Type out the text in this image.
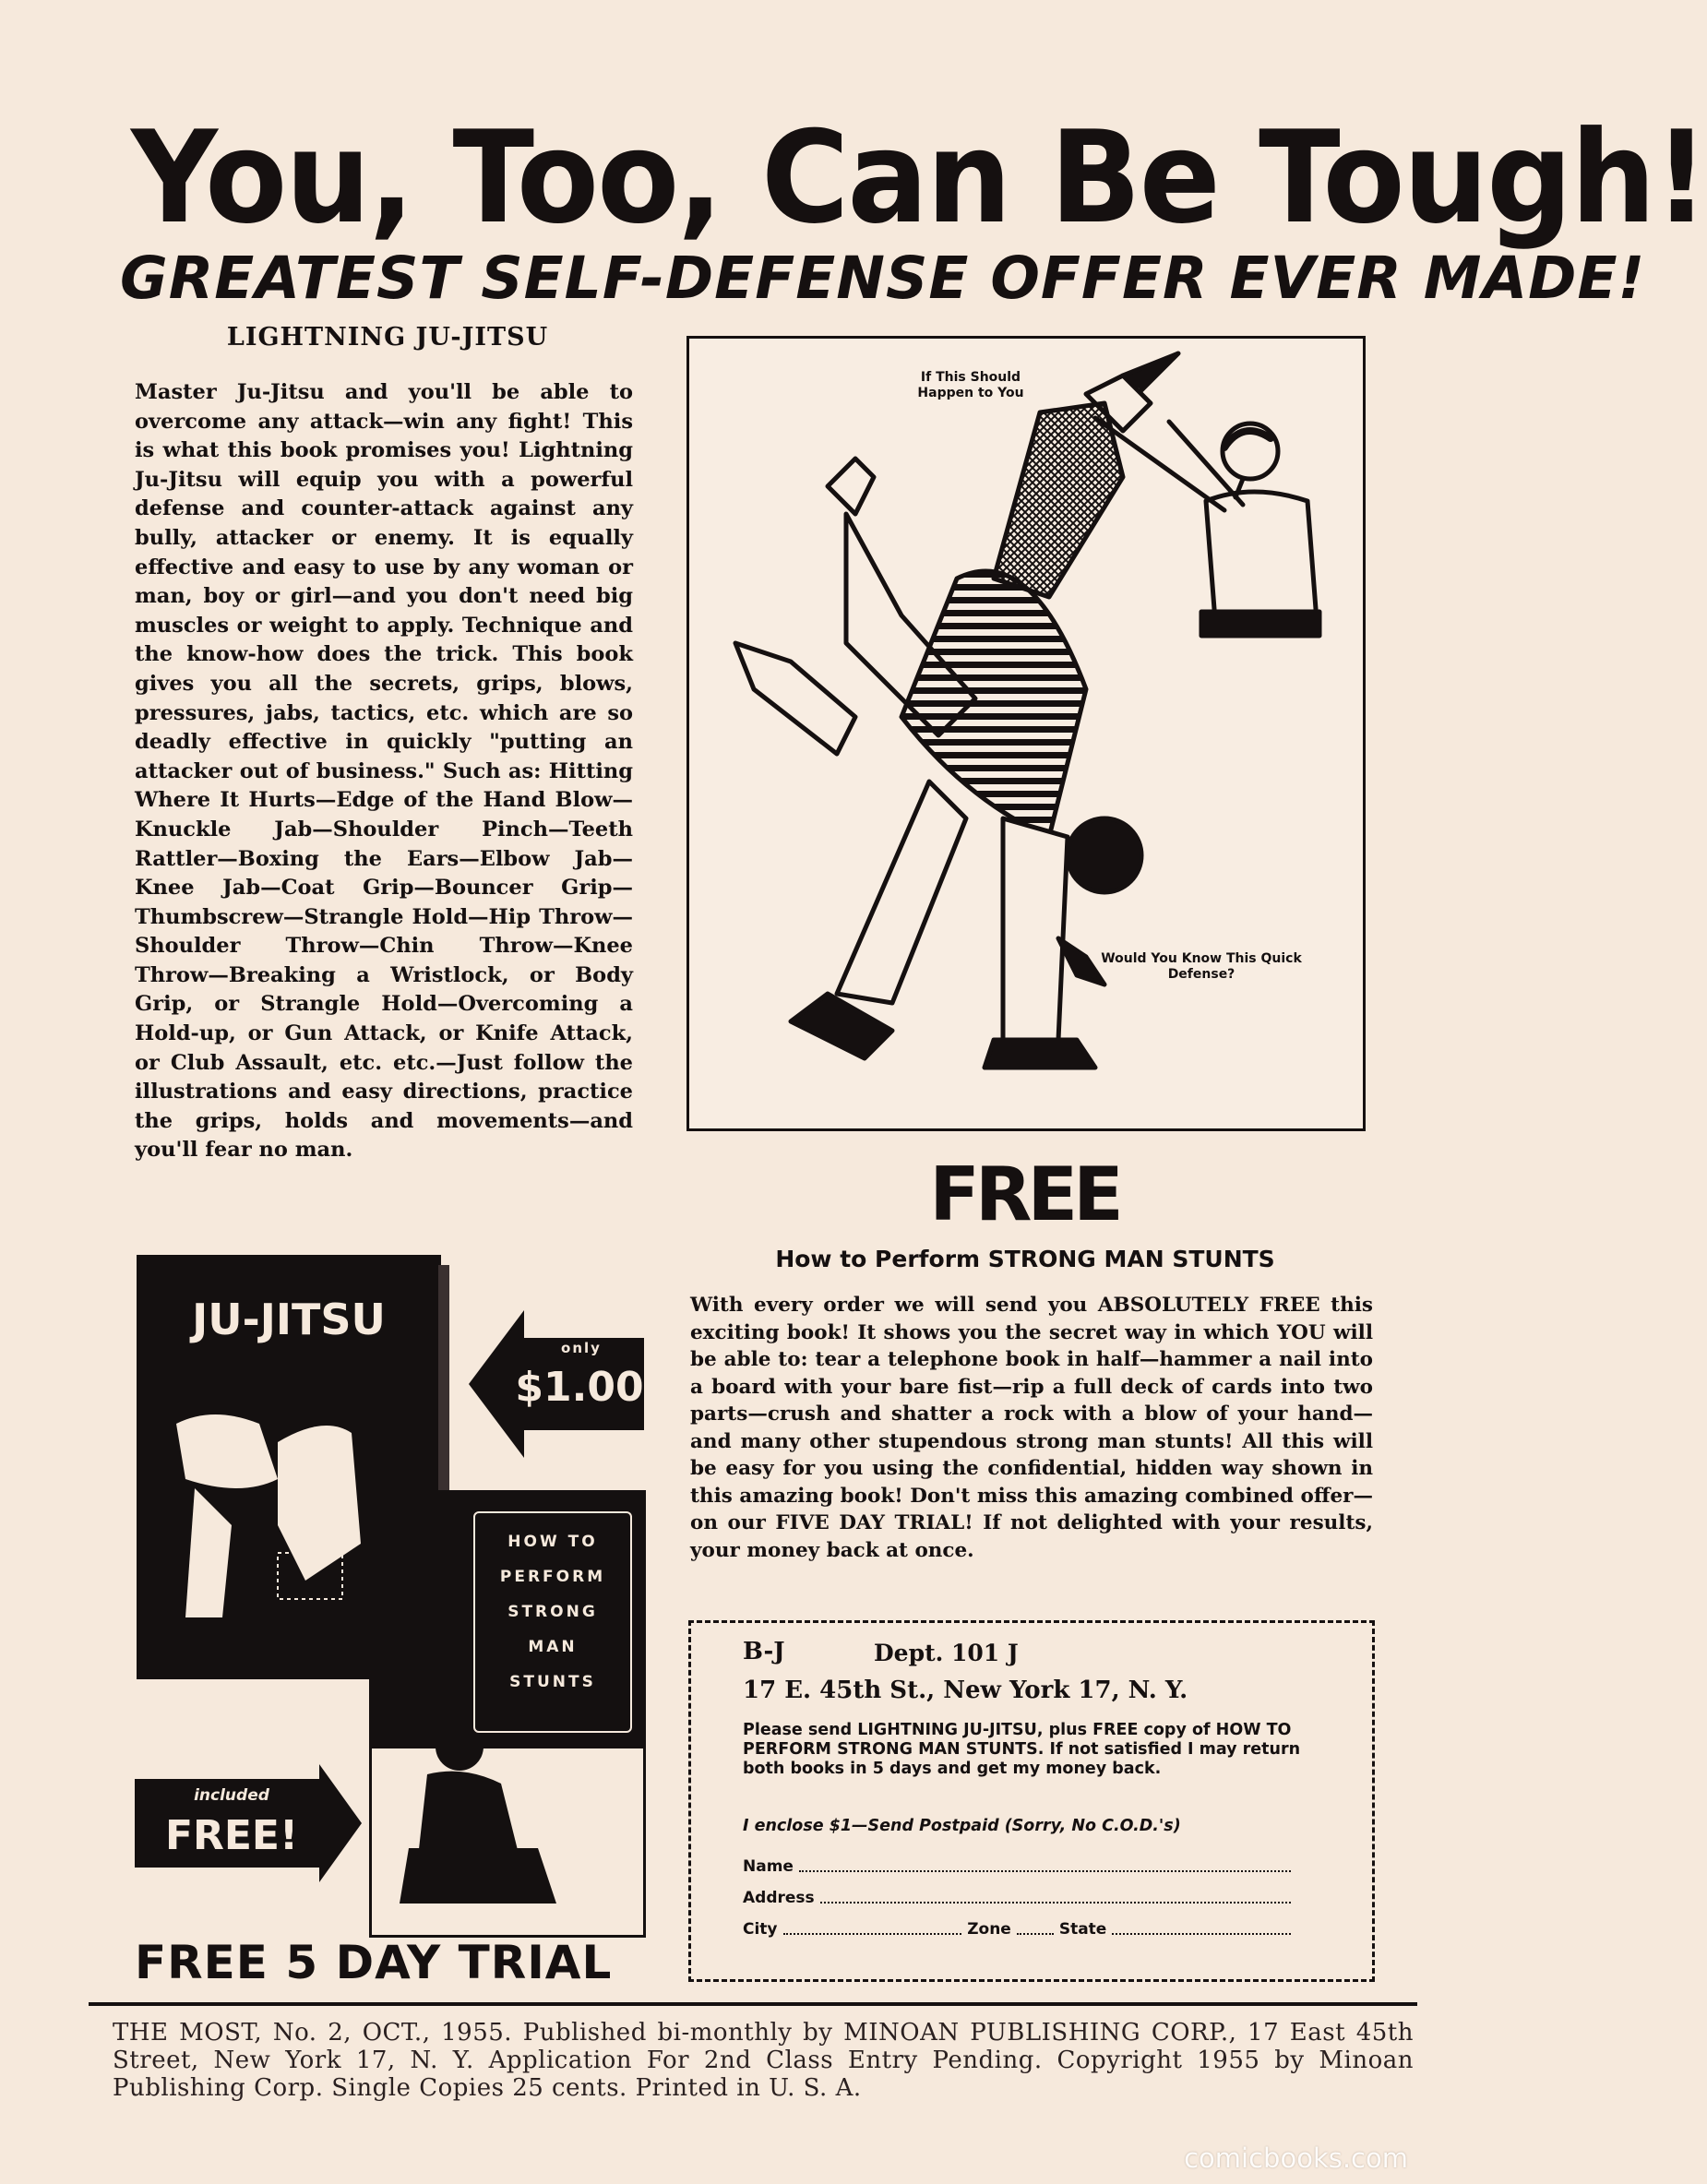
You, Too, Can Be Tough!
GREATEST SELF-DEFENSE OFFER EVER MADE!
LIGHTNING JU-JITSU
Master Ju-Jitsu and you'll be able to overcome any attack—win any fight! This is what this book promises you! Lightning Ju-Jitsu will equip you with a powerful defense and counter-attack against any bully, attacker or enemy. It is equally effective and easy to use by any woman or man, boy or girl—and you don't need big muscles or weight to apply. Technique and the know-how does the trick. This book gives you all the secrets, grips, blows, pressures, jabs, tactics, etc. which are so deadly effective in quickly "putting an attacker out of business." Such as: Hitting Where It Hurts—Edge of the Hand Blow—Knuckle Jab—Shoulder Pinch—Teeth Rattler—Boxing the Ears—Elbow Jab—Knee Jab—Coat Grip—Bouncer Grip—Thumbscrew—Strangle Hold—Hip Throw—Shoulder Throw—Chin Throw—Knee Throw—Breaking a Wristlock, or Body Grip, or Strangle Hold—Overcoming a Hold-up, or Gun Attack, or Knife Attack, or Club Assault, etc. etc.—Just follow the illustrations and easy directions, practice the grips, holds and movements—and you'll fear no man.
If This Should Happen to You
Would You Know This Quick Defense?
FREE
How to Perform STRONG MAN STUNTS
With every order we will send you ABSOLUTELY FREE this exciting book! It shows you the secret way in which YOU will be able to: tear a telephone book in half—hammer a nail into a board with your bare fist—rip a full deck of cards into two parts—crush and shatter a rock with a blow of your hand—and many other stupendous strong man stunts! All this will be easy for you using the confidential, hidden way shown in this amazing book! Don't miss this amazing combined offer—on our FIVE DAY TRIAL! If not delighted with your results, your money back at once.
JU-JITSU
HOW TO
PERFORM
STRONG
MAN
STUNTS
only
$1.00
included
FREE!
FREE 5 DAY TRIAL
B-J	Dept. 101 J
17 E. 45th St., New York 17, N. Y.
Please send LIGHTNING JU-JITSU, plus FREE copy of HOW TO PERFORM STRONG MAN STUNTS. If not satisfied I may return both books in 5 days and get my money back.
I enclose $1—Send Postpaid (Sorry, No C.O.D.'s)
Name
Address
City	Zone	State
THE MOST, No. 2, OCT., 1955. Published bi-monthly by MINOAN PUBLISHING CORP., 17 East 45th Street, New York 17, N. Y. Application For 2nd Class Entry Pending. Copyright 1955 by Minoan Publishing Corp. Single Copies 25 cents. Printed in U. S. A.
comicbooks.com
